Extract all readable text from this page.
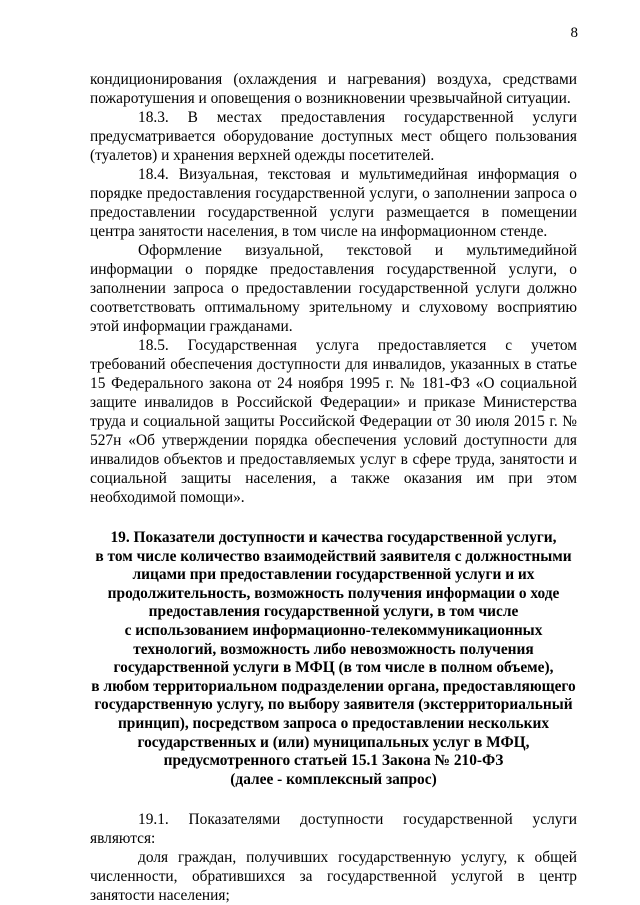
8

кондиционирования (охлаждения и нагревания) воздуха, средствами пожаротушения и оповещения о возникновении чрезвычайной ситуации.

18.3. В местах предоставления государственной услуги предусматривается оборудование доступных мест общего пользования (туалетов) и хранения верхней одежды посетителей.

18.4. Визуальная, текстовая и мультимедийная информация о порядке предоставления государственной услуги, о заполнении запроса о предоставлении государственной услуги размещается в помещении центра занятости населения, в том числе на информационном стенде.

Оформление визуальной, текстовой и мультимедийной информации о порядке предоставления государственной услуги, о заполнении запроса о предоставлении государственной услуги должно соответствовать оптимальному зрительному и слуховому восприятию этой информации гражданами.

18.5. Государственная услуга предоставляется с учетом требований обеспечения доступности для инвалидов, указанных в статье 15 Федерального закона от 24 ноября 1995 г. № 181-ФЗ «О социальной защите инвалидов в Российской Федерации» и приказе Министерства труда и социальной защиты Российской Федерации от 30 июля 2015 г. № 527н «Об утверждении порядка обеспечения условий доступности для инвалидов объектов и предоставляемых услуг в сфере труда, занятости и социальной защиты населения, а также оказания им при этом необходимой помощи».

19. Показатели доступности и качества государственной услуги,
в том числе количество взаимодействий заявителя с должностными
лицами при предоставлении государственной услуги и их
продолжительность, возможность получения информации о ходе
предоставления государственной услуги, в том числе
с использованием информационно-телекоммуникационных
технологий, возможность либо невозможность получения
государственной услуги в МФЦ (в том числе в полном объеме),
в любом территориальном подразделении органа, предоставляющего
государственную услугу, по выбору заявителя (экстерриториальный
принцип), посредством запроса о предоставлении нескольких
государственных и (или) муниципальных услуг в МФЦ,
предусмотренного статьей 15.1 Закона № 210-ФЗ
(далее - комплексный запрос)

19.1. Показателями доступности государственной услуги являются:

доля граждан, получивших государственную услугу, к общей численности, обратившихся за государственной услугой в центр занятости населения;
